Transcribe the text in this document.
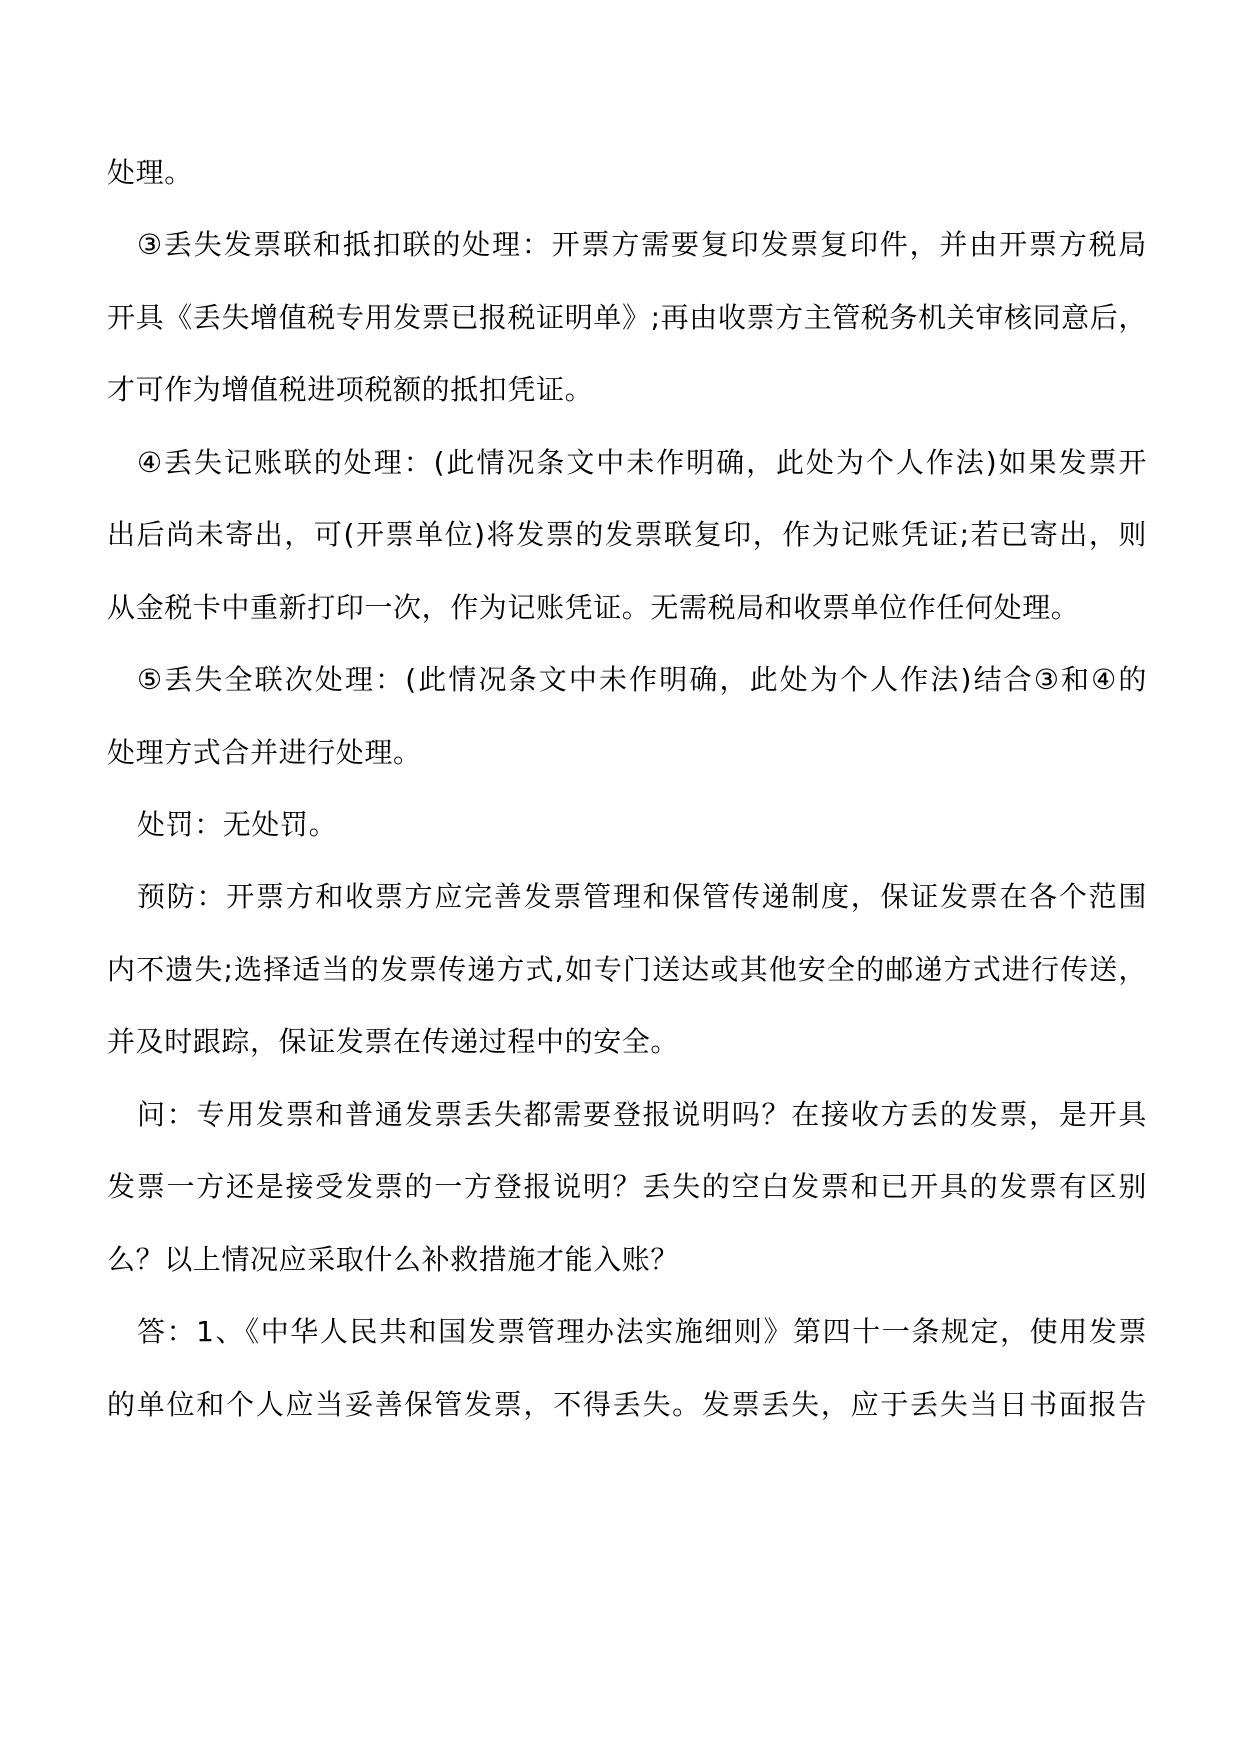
处理。
③丢失发票联和抵扣联的处理：开票方需要复印发票复印件，并由开票方税局
开具《丢失增值税专用发票已报税证明单》;再由收票方主管税务机关审核同意后，
才可作为增值税进项税额的抵扣凭证。
④丢失记账联的处理：(此情况条文中未作明确，此处为个人作法)如果发票开
出后尚未寄出，可(开票单位)将发票的发票联复印，作为记账凭证;若已寄出，则
从金税卡中重新打印一次，作为记账凭证。无需税局和收票单位作任何处理。
⑤丢失全联次处理：(此情况条文中未作明确，此处为个人作法)结合③和④的
处理方式合并进行处理。
处罚：无处罚。
预防：开票方和收票方应完善发票管理和保管传递制度，保证发票在各个范围
内不遗失;选择适当的发票传递方式,如专门送达或其他安全的邮递方式进行传送，
并及时跟踪，保证发票在传递过程中的安全。
问：专用发票和普通发票丢失都需要登报说明吗？在接收方丢的发票，是开具
发票一方还是接受发票的一方登报说明？丢失的空白发票和已开具的发票有区别
么？以上情况应采取什么补救措施才能入账？
答：1、《中华人民共和国发票管理办法实施细则》第四十一条规定，使用发票
的单位和个人应当妥善保管发票，不得丢失。发票丢失，应于丢失当日书面报告
